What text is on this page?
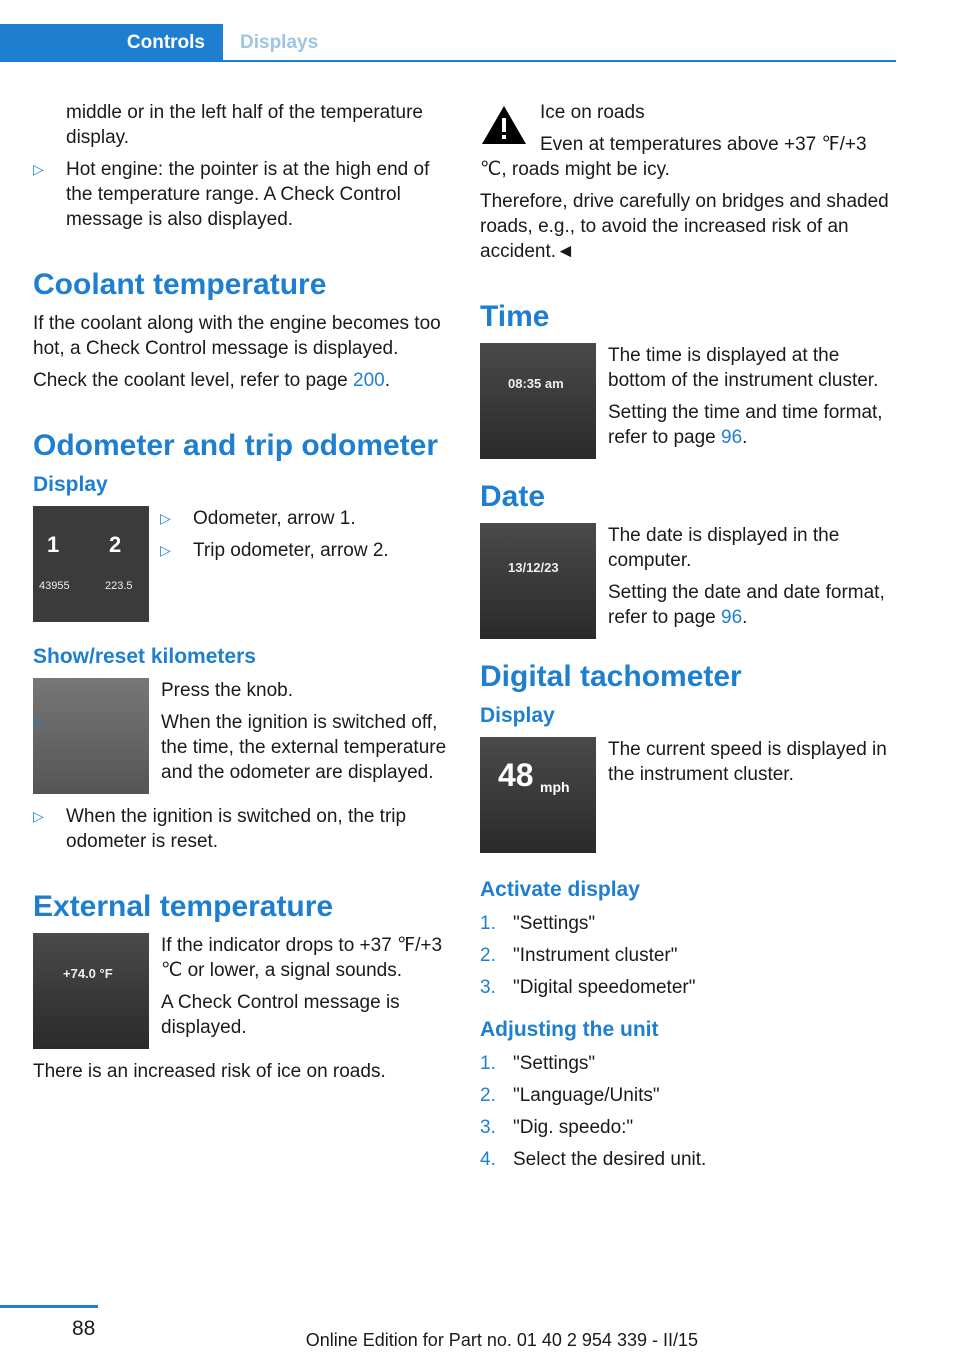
Controls	Displays

middle or in the left half of the temperature display.

▷ Hot engine: the pointer is at the high end of the temperature range. A Check Control message is also displayed.
Coolant temperature

If the coolant along with the engine becomes too hot, a Check Control message is displayed.

Check the coolant level, refer to page 200.

Odometer and trip odometer
Display
1 2
43955	223.5
▷ Odometer, arrow 1.
▷ Trip odometer, arrow 2.
Show/reset kilometers

Press the knob.

▷ When the ignition is switched off, the time, the external temperature and the odometer are displayed.
▷ When the ignition is switched on, the trip odometer is reset.
External temperature
+74.0 °F

If the indicator drops to +37 ℉/+3 ℃ or lower, a signal sounds.

A Check Control message is displayed.

There is an increased risk of ice on roads.

Ice on roads

Even at temperatures above +37 ℉/+3 ℃, roads might be icy.

Therefore, drive carefully on bridges and shaded roads, e.g., to avoid the increased risk of an accident.◄

Time
08:35 am

The time is displayed at the bottom of the instrument cluster.

Setting the time and time format, refer to page 96.

Date
13/12/23

The date is displayed in the computer.

Setting the date and date format, refer to page 96.

Digital tachometer
Display
48 mph

The current speed is displayed in the instrument cluster.

Activate display
1. "Settings"
2. "Instrument cluster"
3. "Digital speedometer"
Adjusting the unit
1. "Settings"
2. "Language/Units"
3. "Dig. speedo:"
4. Select the desired unit.
88	Online Edition for Part no. 01 40 2 954 339 - II/15
